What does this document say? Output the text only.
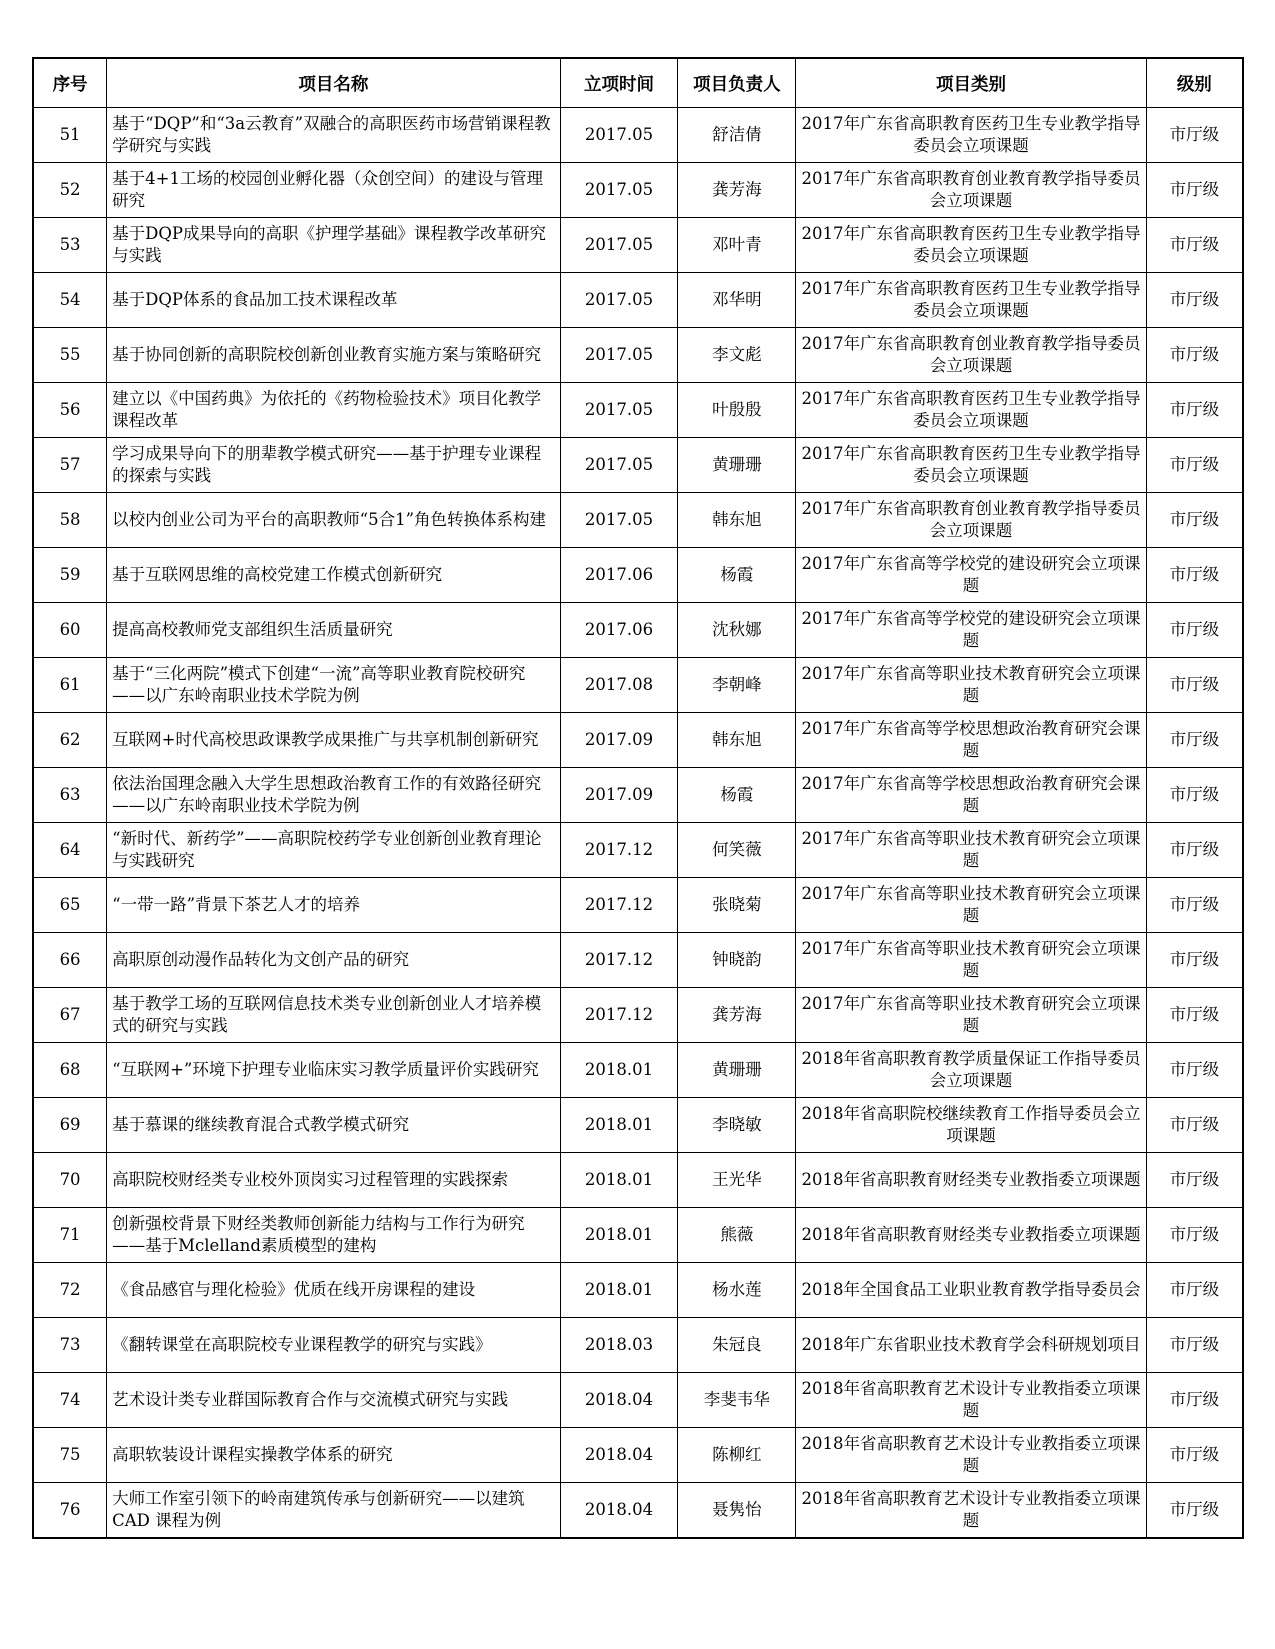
序号	项目名称	立项时间	项目负责人	项目类别	级别
51	基于“DQP”和“3a云教育”双融合的高职医药市场营销课程教学研究与实践	2017.05	舒洁倩	2017年广东省高职教育医药卫生专业教学指导委员会立项课题	市厅级
52	基于4+1工场的校园创业孵化器（众创空间）的建设与管理研究	2017.05	龚芳海	2017年广东省高职教育创业教育教学指导委员会立项课题	市厅级
53	基于DQP成果导向的高职《护理学基础》课程教学改革研究与实践	2017.05	邓叶青	2017年广东省高职教育医药卫生专业教学指导委员会立项课题	市厅级
54	基于DQP体系的食品加工技术课程改革	2017.05	邓华明	2017年广东省高职教育医药卫生专业教学指导委员会立项课题	市厅级
55	基于协同创新的高职院校创新创业教育实施方案与策略研究	2017.05	李文彪	2017年广东省高职教育创业教育教学指导委员会立项课题	市厅级
56	建立以《中国药典》为依托的《药物检验技术》项目化教学课程改革	2017.05	叶殷殷	2017年广东省高职教育医药卫生专业教学指导委员会立项课题	市厅级
57	学习成果导向下的朋辈教学模式研究——基于护理专业课程的探索与实践	2017.05	黄珊珊	2017年广东省高职教育医药卫生专业教学指导委员会立项课题	市厅级
58	以校内创业公司为平台的高职教师“5合1”角色转换体系构建	2017.05	韩东旭	2017年广东省高职教育创业教育教学指导委员会立项课题	市厅级
59	基于互联网思维的高校党建工作模式创新研究	2017.06	杨霞	2017年广东省高等学校党的建设研究会立项课题	市厅级
60	提高高校教师党支部组织生活质量研究	2017.06	沈秋娜	2017年广东省高等学校党的建设研究会立项课题	市厅级
61	基于“三化两院”模式下创建“一流”高等职业教育院校研究——以广东岭南职业技术学院为例	2017.08	李朝峰	2017年广东省高等职业技术教育研究会立项课题	市厅级
62	互联网+时代高校思政课教学成果推广与共享机制创新研究	2017.09	韩东旭	2017年广东省高等学校思想政治教育研究会课题	市厅级
63	依法治国理念融入大学生思想政治教育工作的有效路径研究——以广东岭南职业技术学院为例	2017.09	杨霞	2017年广东省高等学校思想政治教育研究会课题	市厅级
64	“新时代、新药学”——高职院校药学专业创新创业教育理论与实践研究	2017.12	何笑薇	2017年广东省高等职业技术教育研究会立项课题	市厅级
65	“一带一路”背景下茶艺人才的培养	2017.12	张晓菊	2017年广东省高等职业技术教育研究会立项课题	市厅级
66	高职原创动漫作品转化为文创产品的研究	2017.12	钟晓韵	2017年广东省高等职业技术教育研究会立项课题	市厅级
67	基于教学工场的互联网信息技术类专业创新创业人才培养模式的研究与实践	2017.12	龚芳海	2017年广东省高等职业技术教育研究会立项课题	市厅级
68	“互联网+”环境下护理专业临床实习教学质量评价实践研究	2018.01	黄珊珊	2018年省高职教育教学质量保证工作指导委员会立项课题	市厅级
69	基于慕课的继续教育混合式教学模式研究	2018.01	李晓敏	2018年省高职院校继续教育工作指导委员会立项课题	市厅级
70	高职院校财经类专业校外顶岗实习过程管理的实践探索	2018.01	王光华	2018年省高职教育财经类专业教指委立项课题	市厅级
71	创新强校背景下财经类教师创新能力结构与工作行为研究——基于Mclelland素质模型的建构	2018.01	熊薇	2018年省高职教育财经类专业教指委立项课题	市厅级
72	《食品感官与理化检验》优质在线开房课程的建设	2018.01	杨水莲	2018年全国食品工业职业教育教学指导委员会	市厅级
73	《翻转课堂在高职院校专业课程教学的研究与实践》	2018.03	朱冠良	2018年广东省职业技术教育学会科研规划项目	市厅级
74	艺术设计类专业群国际教育合作与交流模式研究与实践	2018.04	李斐韦华	2018年省高职教育艺术设计专业教指委立项课题	市厅级
75	高职软装设计课程实操教学体系的研究	2018.04	陈柳红	2018年省高职教育艺术设计专业教指委立项课题	市厅级
76	大师工作室引领下的岭南建筑传承与创新研究——以建筑 CAD 课程为例	2018.04	聂隽怡	2018年省高职教育艺术设计专业教指委立项课题	市厅级
